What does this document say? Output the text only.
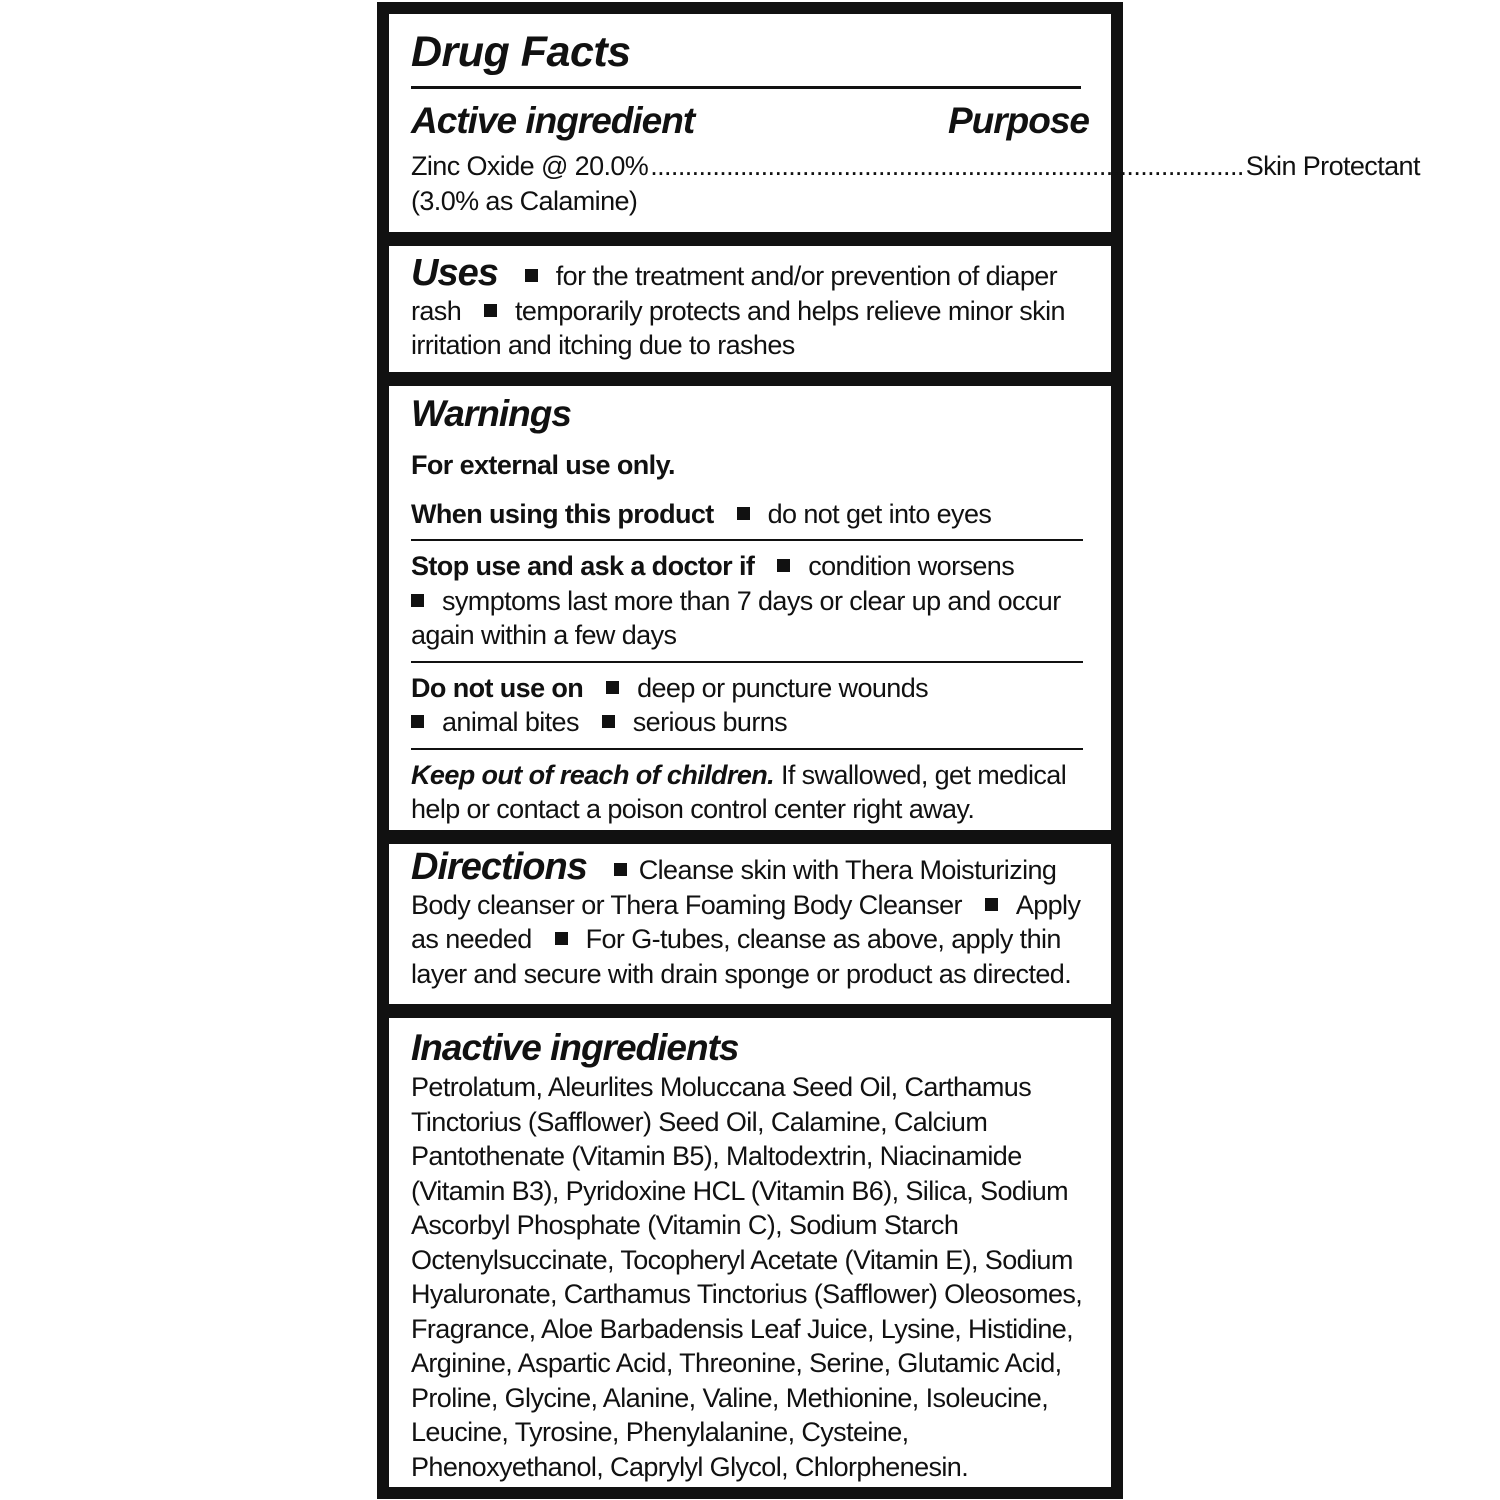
Drug Facts
Active ingredient	Purpose
Zinc Oxide @ 20.0% ...................................................................................... Skin Protectant
(3.0% as Calamine)
Uses for the treatment and/or prevention of diaper rash temporarily protects and helps relieve minor skin irritation and itching due to rashes
Warnings
For external use only.
When using this product do not get into eyes
Stop use and ask a doctor if condition worsens
symptoms last more than 7 days or clear up and occur again within a few days
Do not use on deep or puncture wounds
animal bites serious burns
Keep out of reach of children. If swallowed, get medical help or contact a poison control center right away.
Directions Cleanse skin with Thera Moisturizing Body cleanser or Thera Foaming Body Cleanser Apply as needed For G-tubes, cleanse as above, apply thin layer and secure with drain sponge or product as directed.
Inactive ingredients
Petrolatum, Aleurlites Moluccana Seed Oil, Carthamus Tinctorius (Safflower) Seed Oil, Calamine, Calcium Pantothenate (Vitamin B5), Maltodextrin, Niacinamide (Vitamin B3), Pyridoxine HCL (Vitamin B6), Silica, Sodium Ascorbyl Phosphate (Vitamin C), Sodium Starch Octenylsuccinate, Tocopheryl Acetate (Vitamin E), Sodium Hyaluronate, Carthamus Tinctorius (Safflower) Oleosomes, Fragrance, Aloe Barbadensis Leaf Juice, Lysine, Histidine, Arginine, Aspartic Acid, Threonine, Serine, Glutamic Acid, Proline, Glycine, Alanine, Valine, Methionine, Isoleucine, Leucine, Tyrosine, Phenylalanine, Cysteine, Phenoxyethanol, Caprylyl Glycol, Chlorphenesin.
